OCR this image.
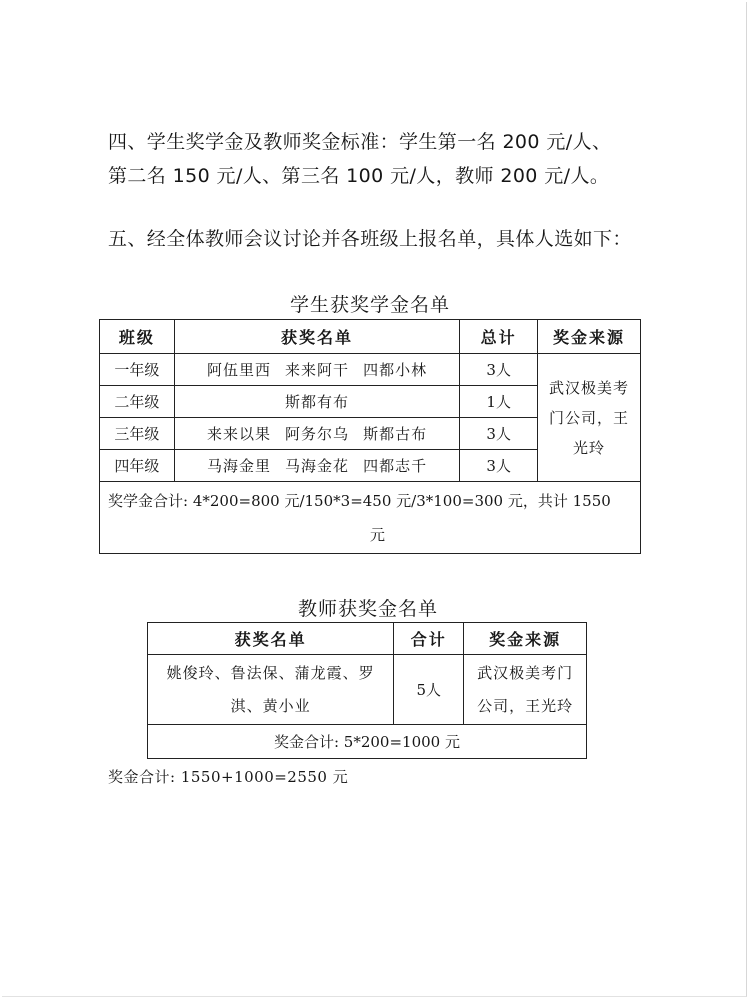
四、学生奖学金及教师奖金标准：学生第一名 200 元/人、
第二名 150 元/人、第三名 100 元/人，教师 200 元/人。

五、经全体教师会议讨论并各班级上报名单，具体人选如下：

学生获奖学金名单
班级	获奖名单	总计	奖金来源
一年级	阿伍里西 来来阿干 四都小林	3人	武汉极美考
门公司，王
光玲
二年级	斯都有布	1人	
三年级	来来以果 阿务尔乌 斯都古布	3人	
四年级	马海金里 马海金花 四都志千	3人	

奖学金合计: 4*200=800 元/150*3=450 元/3*100=300 元，共计 1550
元			
教师获奖金名单
获奖名单	合计	奖金来源
姚俊玲、鲁法保、蒲龙霞、罗
淇、黄小业	5人	武汉极美考门
公司，王光玲
奖金合计: 5*200=1000 元		
奖金合计: 1550+1000=2550 元
